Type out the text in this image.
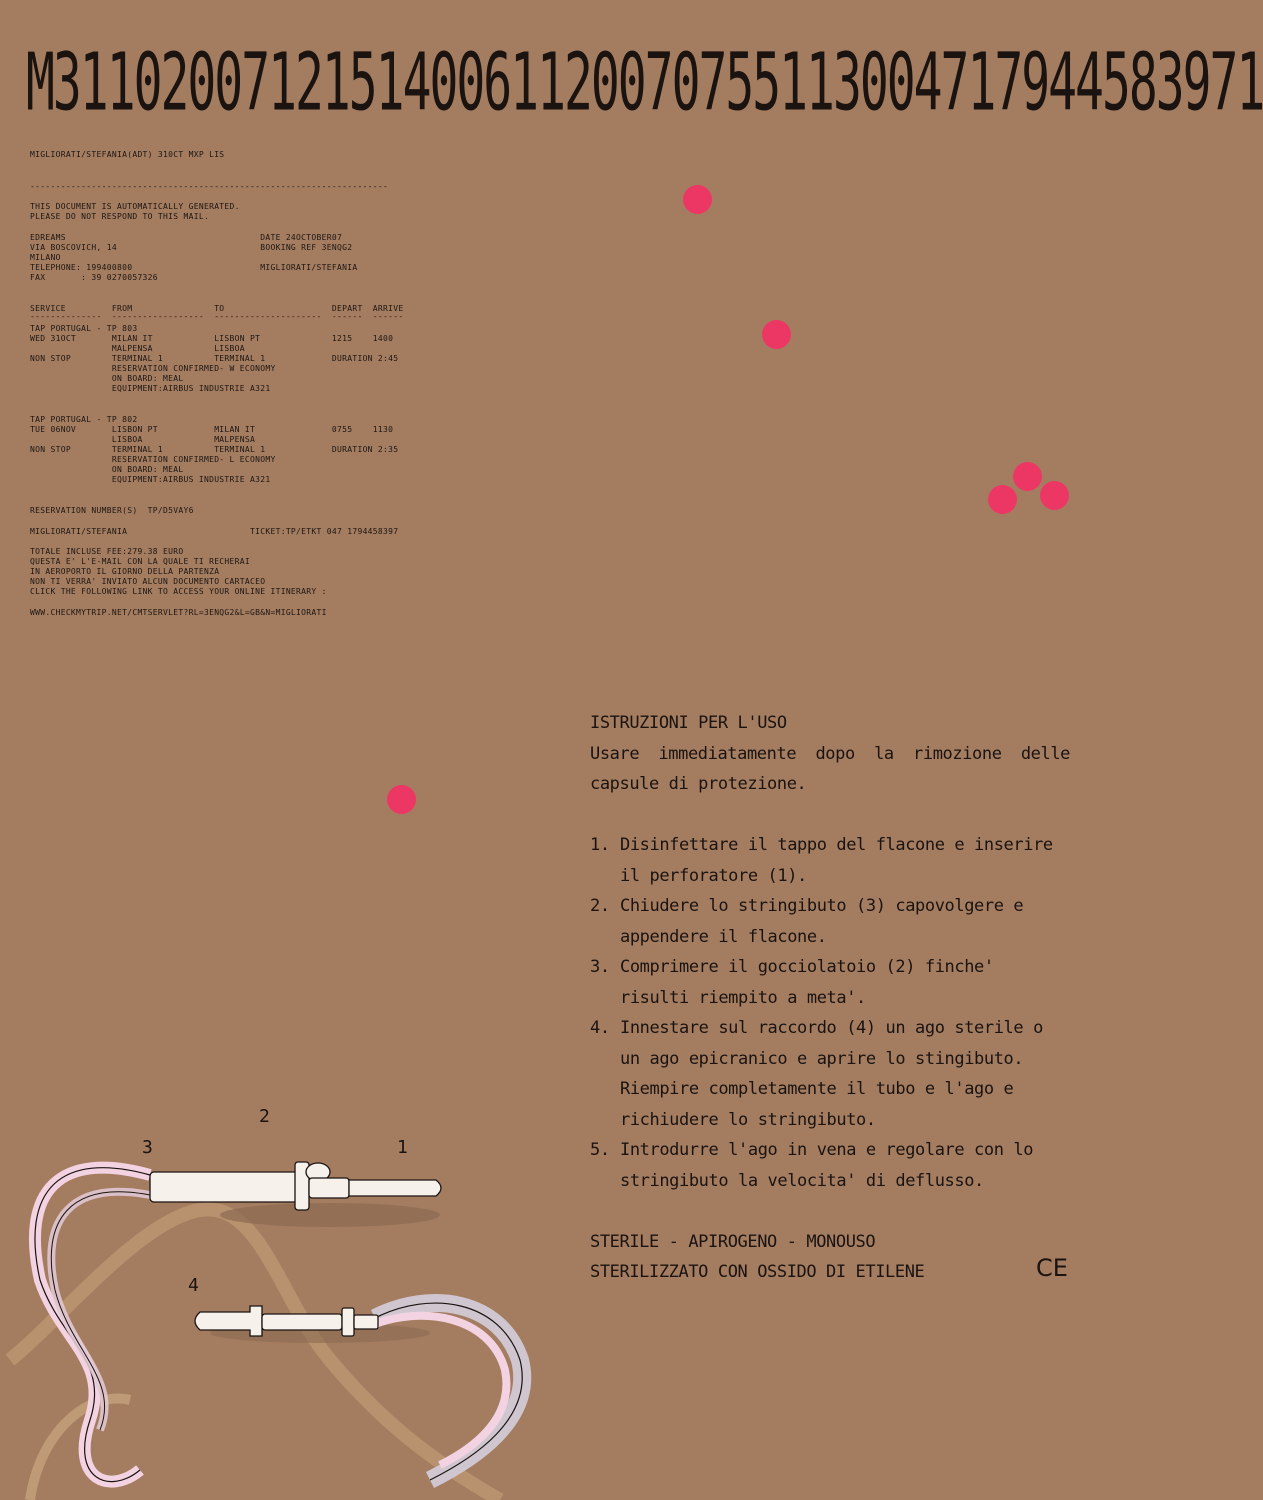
M311020071215140061120070755113004717944583971
MIGLIORATI/STEFANIA(ADT) 310CT MXP LIS
----------------------------------------------------------------------
THIS DOCUMENT IS AUTOMATICALLY GENERATED.
PLEASE DO NOT RESPOND TO THIS MAIL.
EDREAMS                                      DATE 24OCTOBER07
VIA BOSCOVICH, 14                            BOOKING REF 3ENQG2
MILANO
TELEPHONE: 199400800                         MIGLIORATI/STEFANIA
FAX       : 39 0270057326
SERVICE         FROM                TO                     DEPART  ARRIVE
--------------  ------------------  ---------------------  ------  ------
TAP PORTUGAL - TP 803
WED 31OCT       MILAN IT            LISBON PT              1215    1400
MALPENSA            LISBOA
NON STOP        TERMINAL 1          TERMINAL 1             DURATION 2:45
RESERVATION CONFIRMED- W ECONOMY
ON BOARD: MEAL
EQUIPMENT:AIRBUS INDUSTRIE A321
TAP PORTUGAL - TP 802
TUE 06NOV       LISBON PT           MILAN IT               0755    1130
LISBOA              MALPENSA
NON STOP        TERMINAL 1          TERMINAL 1             DURATION 2:35
RESERVATION CONFIRMED- L ECONOMY
ON BOARD: MEAL
EQUIPMENT:AIRBUS INDUSTRIE A321
RESERVATION NUMBER(S)  TP/D5VAY6
MIGLIORATI/STEFANIA                        TICKET:TP/ETKT 047 1794458397
TOTALE INCLUSE FEE:279.38 EURO
QUESTA E' L'E-MAIL CON LA QUALE TI RECHERAI
IN AEROPORTO IL GIORNO DELLA PARTENZA
NON TI VERRA' INVIATO ALCUN DOCUMENTO CARTACEO
CLICK THE FOLLOWING LINK TO ACCESS YOUR ONLINE ITINERARY :
WWW.CHECKMYTRIP.NET/CMTSERVLET?RL=3ENQG2&L=GB&N=MIGLIORATI

ISTRUZIONI PER L'USO

Usare immediatamente dopo la rimozione delle

capsule di protezione.

1. Disinfettare il tappo del flacone e inserire il perforatore (1).
2. Chiudere lo stringibuto (3) capovolgere e appendere il flacone.
3. Comprimere il gocciolatoio (2) finche' risulti riempito a meta'.
4. Innestare sul raccordo (4) un ago sterile o un ago epicranico e aprire lo stingibuto. Riempire completamente il tubo e l'ago e richiudere lo stringibuto.
5. Introdurre l'ago in vena e regolare con lo stringibuto la velocita' di deflusso.

STERILE - APIROGENO - MONOUSO

STERILIZZATO CON OSSIDO DI ETILENE	CE
2
3	1
4
